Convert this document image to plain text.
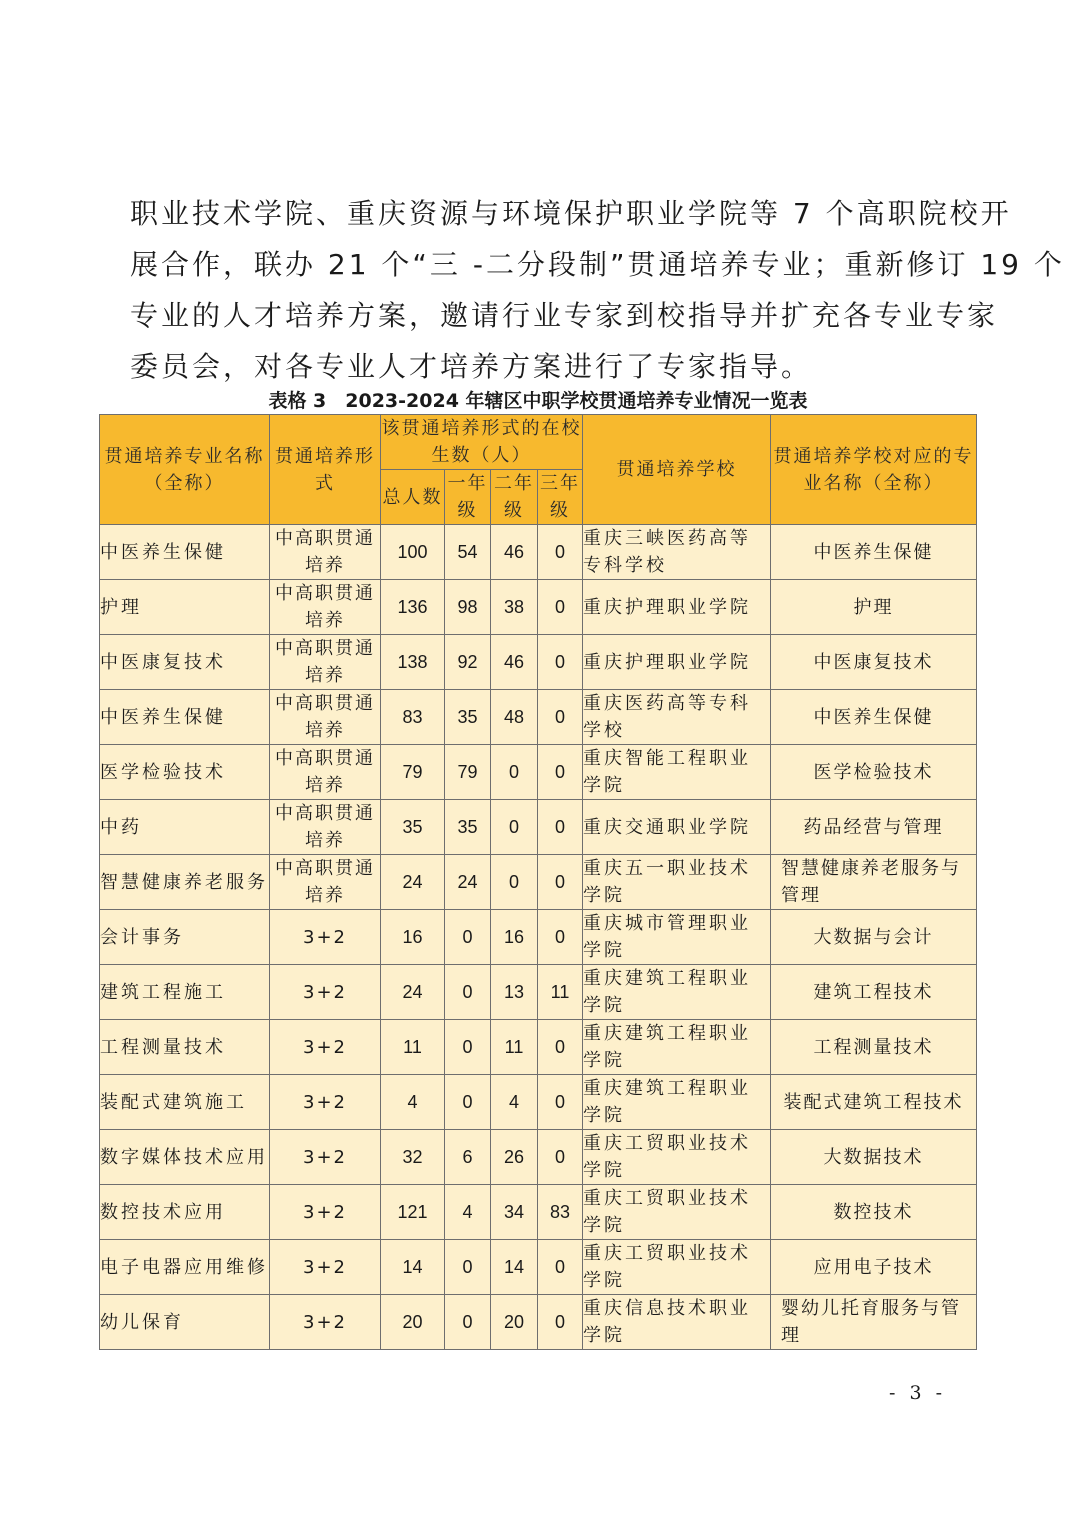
职业技术学院、重庆资源与环境保护职业学院等 7 个高职院校开
展合作，联办 21 个“三 -二分段制”贯通培养专业；重新修订 19 个
专业的人才培养方案，邀请行业专家到校指导并扩充各专业专家
委员会，对各专业人才培养方案进行了专家指导。
表格 3　2023-2024 年辖区中职学校贯通培养专业情况一览表
贯通培养专业名称（全称）	贯通培养形式	该贯通培养形式的在校生数（人）				贯通培养学校	贯通培养学校对应的专业名称（全称）
		总人数	一年级	二年级	三年级		
中医养生保健	中高职贯通培养	100	54	46	0	重庆三峡医药高等专科学校	中医养生保健
护理	中高职贯通培养	136	98	38	0	重庆护理职业学院	护理
中医康复技术	中高职贯通培养	138	92	46	0	重庆护理职业学院	中医康复技术
中医养生保健	中高职贯通培养	83	35	48	0	重庆医药高等专科学校	中医养生保健
医学检验技术	中高职贯通培养	79	79	0	0	重庆智能工程职业学院	医学检验技术
中药	中高职贯通培养	35	35	0	0	重庆交通职业学院	药品经营与管理
智慧健康养老服务	中高职贯通培养	24	24	0	0	重庆五一职业技术学院	智慧健康养老服务与管理
会计事务	3+2	16	0	16	0	重庆城市管理职业学院	大数据与会计
建筑工程施工	3+2	24	0	13	11	重庆建筑工程职业学院	建筑工程技术
工程测量技术	3+2	11	0	11	0	重庆建筑工程职业学院	工程测量技术
装配式建筑施工	3+2	4	0	4	0	重庆建筑工程职业学院	装配式建筑工程技术
数字媒体技术应用	3+2	32	6	26	0	重庆工贸职业技术学院	大数据技术
数控技术应用	3+2	121	4	34	83	重庆工贸职业技术学院	数控技术
电子电器应用维修	3+2	14	0	14	0	重庆工贸职业技术学院	应用电子技术
幼儿保育	3+2	20	0	20	0	重庆信息技术职业学院	婴幼儿托育服务与管理
- 3 -
